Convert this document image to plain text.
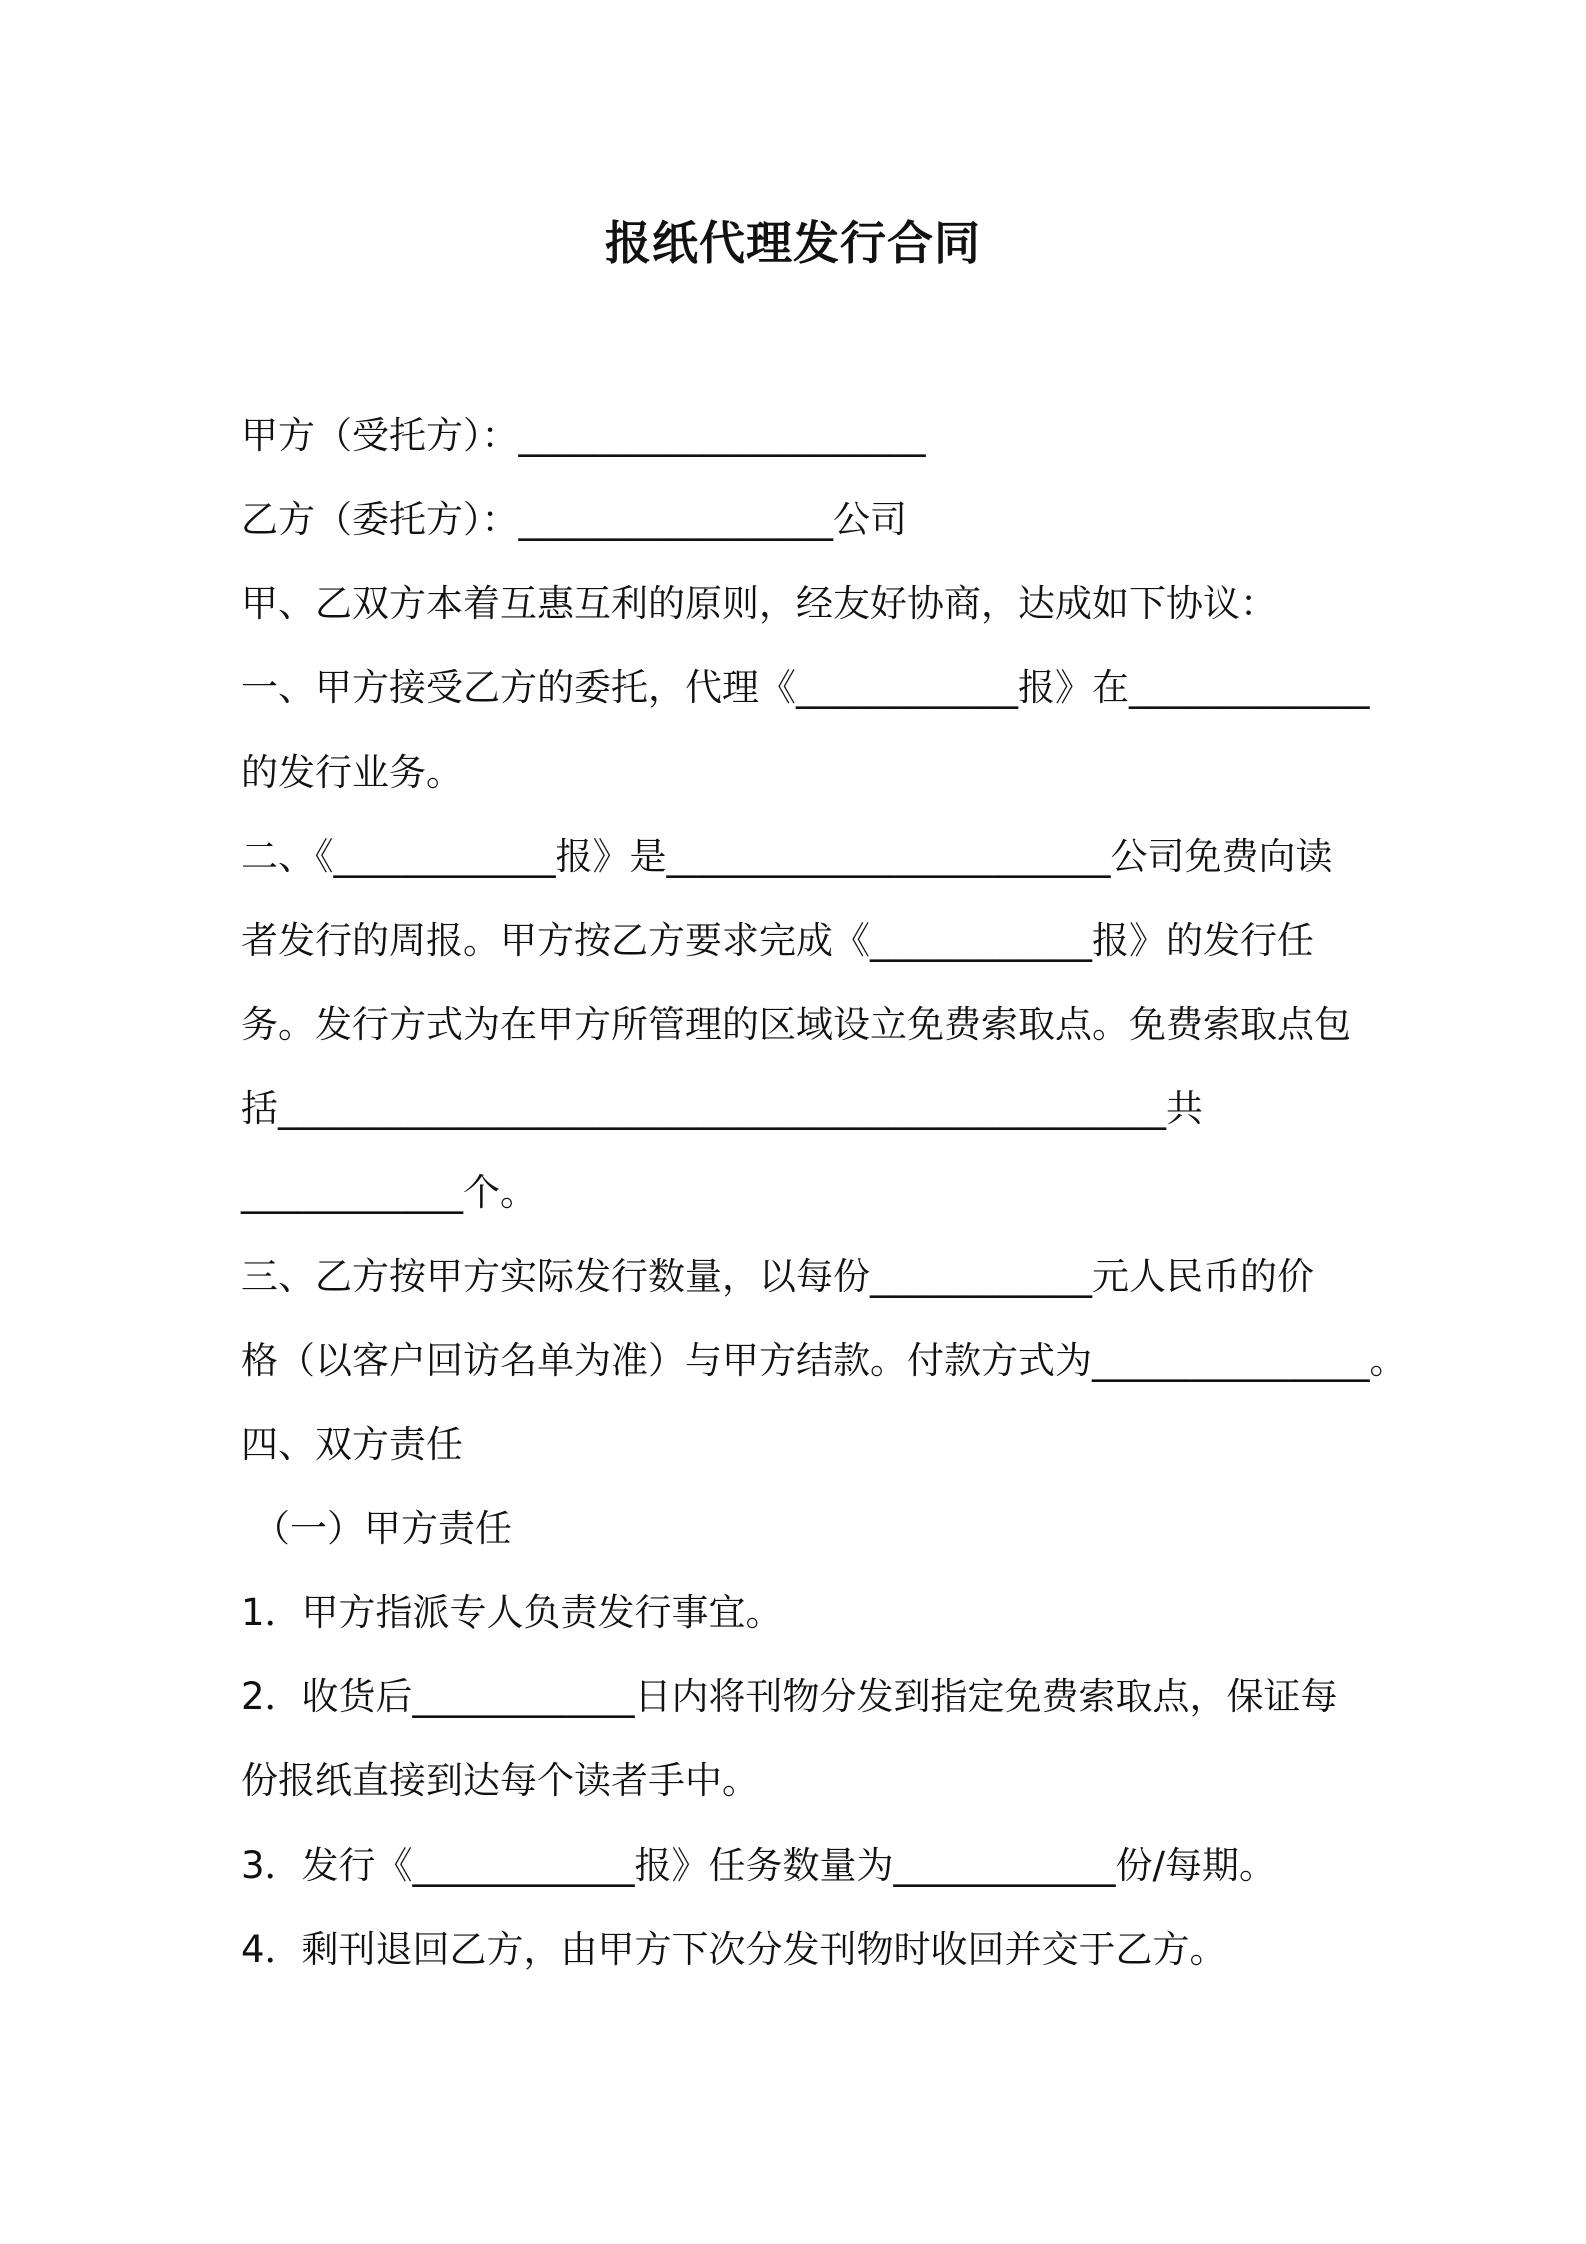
报纸代理发行合同

甲方（受托方）：______________________

乙方（委托方）：_________________公司

甲、乙双方本着互惠互利的原则，经友好协商，达成如下协议：

一、甲方接受乙方的委托，代理《____________报》在_____________

的发行业务。

二、《____________报》是________________________公司免费向读

者发行的周报。甲方按乙方要求完成《____________报》的发行任

务。发行方式为在甲方所管理的区域设立免费索取点。免费索取点包

括________________________________________________共

____________个。

三、乙方按甲方实际发行数量，以每份____________元人民币的价

格（以客户回访名单为准）与甲方结款。付款方式为_______________。

四、双方责任

（一）甲方责任

1．甲方指派专人负责发行事宜。

2．收货后____________日内将刊物分发到指定免费索取点，保证每

份报纸直接到达每个读者手中。

3．发行《____________报》任务数量为____________份/每期。

4．剩刊退回乙方，由甲方下次分发刊物时收回并交于乙方。
